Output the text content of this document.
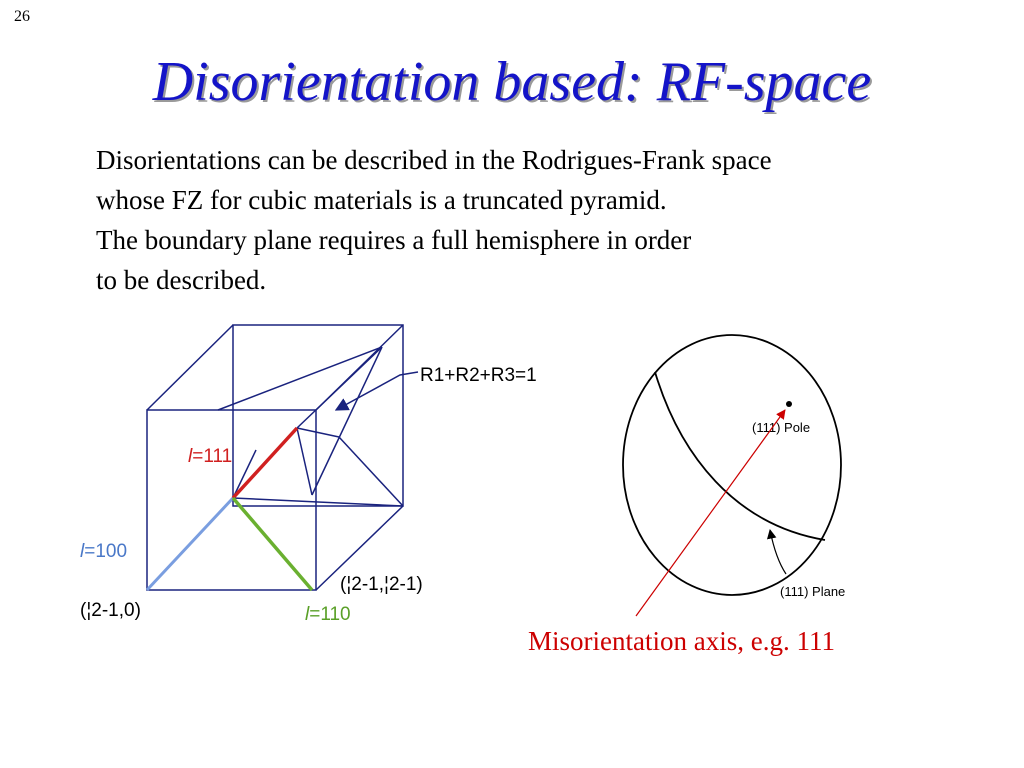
26
Disorientation based: RF-space
Disorientations can be described in the Rodrigues-Frank space
whose FZ for cubic materials is a truncated pyramid.
The boundary plane requires a full hemisphere in order
to be described.
R1+R2+R3=1
l=111
l=100
l=110
(¦2-1,¦2-1)
(¦2-1,0)
(111) Pole
(111) Plane
Misorientation axis, e.g. 111
